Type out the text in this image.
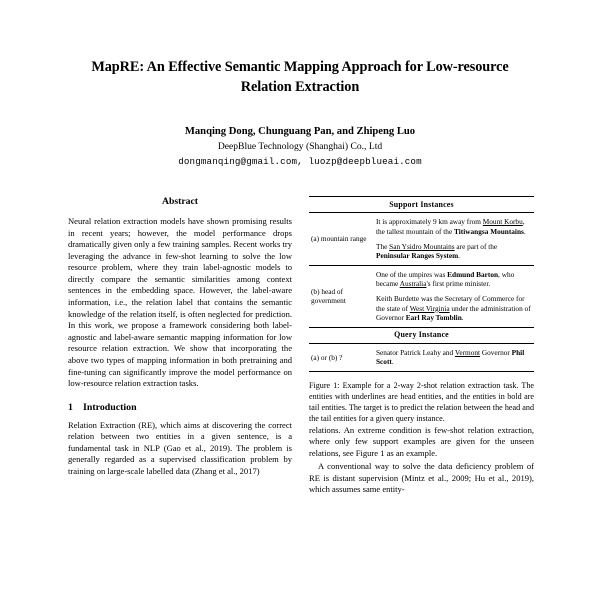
MapRE: An Effective Semantic Mapping Approach for Low-resource Relation Extraction
Manqing Dong, Chunguang Pan, and Zhipeng Luo
DeepBlue Technology (Shanghai) Co., Ltd
dongmanqing@gmail.com, luozp@deepblueai.com
Abstract

Neural relation extraction models have shown promising results in recent years; however, the model performance drops dramatically given only a few training samples. Recent works try leveraging the advance in few-shot learning to solve the low resource problem, where they train label-agnostic models to directly compare the semantic similarities among context sentences in the embedding space. However, the label-aware information, i.e., the relation label that contains the semantic knowledge of the relation itself, is often neglected for prediction. In this work, we propose a framework considering both label-agnostic and label-aware semantic mapping information for low resource relation extraction. We show that incorporating the above two types of mapping information in both pretraining and fine-tuning can significantly improve the model performance on low-resource relation extraction tasks.

1 Introduction

Relation Extraction (RE), which aims at discovering the correct relation between two entities in a given sentence, is a fundamental task in NLP (Gao et al., 2019). The problem is generally regarded as a supervised classification problem by training on large-scale labelled data (Zhang et al., 2017)

Support Instances	
(a) mountain range	It is approximately 9 km away from Mount Korbu, the tallest mountain of the Titiwangsa Mountains.

The San Ysidro Mountains are part of the Peninsular Ranges System.

(b) head of government	One of the umpires was Edmund Barton, who became Australia's first prime minister.

Keith Burdette was the Secretary of Commerce for the state of West Virginia under the administration of Governor Earl Ray Tomblin.

Query Instance	
(a) or (b) ?	Senator Patrick Leahy and Vermont Governor Phil Scott.

Figure 1: Example for a 2-way 2-shot relation extraction task. The entities with underlines are head entities, and the entities in bold are tail entities. The target is to predict the relation between the head and the tail entities for a given query instance.

relations. An extreme condition is few-shot relation extraction, where only few support examples are given for the unseen relations, see Figure 1 as an example.

A conventional way to solve the data deficiency problem of RE is distant supervision (Mintz et al., 2009; Hu et al., 2019), which assumes same entity-
